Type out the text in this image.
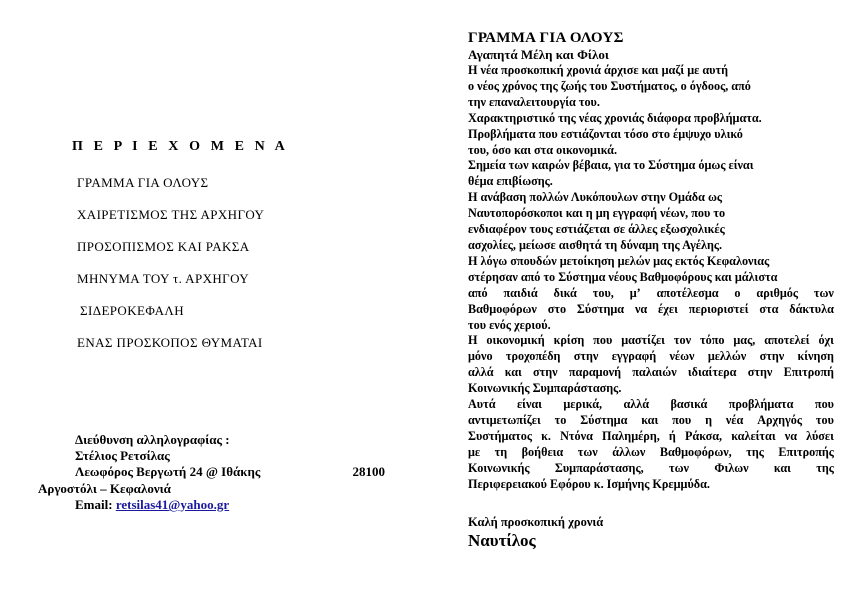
Π Ε Ρ Ι Ε Χ Ο Μ Ε Ν Α
ΓΡΑΜΜΑ ΓΙΑ ΟΛΟΥΣ
ΧΑΙΡΕΤΙΣΜΟΣ ΤΗΣ ΑΡΧΗΓΟΥ
ΠΡΟΣΟΠΙΣΜΟΣ ΚΑΙ ΡΑΚΣΑ
ΜΗΝΥΜΑ ΤΟΥ τ. ΑΡΧΗΓΟΥ
ΣΙΔΕΡΟΚΕΦΑΛΗ
ΕΝΑΣ ΠΡΟΣΚΟΠΟΣ ΘΥΜΑΤΑΙ
Διεύθυνση αλληλογραφίας :
Στέλιος Ρετσίλας
Λεωφόρος Βεργωτή 24 @ Ιθάκης	28100
Αργοστόλι – Κεφαλονιά
Email: retsilas41@yahoo.gr
ΓΡΑΜΜΑ ΓΙΑ ΟΛΟΥΣ
Αγαπητά Μέλη και Φίλοι
Η νέα προσκοπική χρονιά άρχισε και μαζί με αυτή
ο νέος χρόνος της ζωής του Συστήματος, ο όγδοος, από
την επαναλειτουργία του.
Χαρακτηριστικό της νέας χρονιάς διάφορα προβλήματα.
Προβλήματα που εστιάζονται τόσο στο έμψυχο υλικό
του, όσο και στα οικονομικά.
Σημεία των καιρών βέβαια, για το Σύστημα όμως είναι
θέμα επιβίωσης.
Η ανάβαση πολλών Λυκόπουλων στην Ομάδα ως
Ναυτοπορόσκοποι και η μη εγγραφή νέων, που το
ενδιαφέρον τους εστιάζεται σε άλλες εξωσχολικές
ασχολίες, μείωσε αισθητά τη δύναμη της Αγέλης.
Η λόγω σπουδών μετοίκηση μελών μας εκτός Κεφαλονιας
στέρησαν από το Σύστημα νέους Βαθμοφόρους και μάλιστα
από παιδιά δικά του, μ’ αποτέλεσμα ο αριθμός των
Βαθμοφόρων στο Σύστημα να έχει περιοριστεί στα δάκτυλα
του ενός χεριού.
Η οικονομική κρίση που μαστίζει τον τόπο μας, αποτελεί όχι
μόνο τροχοπέδη στην εγγραφή νέων μελλών στην κίνηση
αλλά και στην παραμονή παλαιών ιδιαίτερα στην Επιτροπή
Κοινωνικής Συμπαράστασης.
Αυτά είναι μερικά, αλλά βασικά προβλήματα που
αντιμετωπίζει το Σύστημα και που η νέα Αρχηγός του
Συστήματος κ. Ντόνα Παλημέρη, ή Ράκσα, καλείται να λύσει
με τη βοήθεια των άλλων Βαθμοφόρων, της Επιτροπής
Κοινωνικής Συμπαράστασης, των Φιλων και της
Περιφερειακού Εφόρου κ. Ισμήνης Κρεμμύδα.
Καλή προσκοπική χρονιά
Ναυτίλος
